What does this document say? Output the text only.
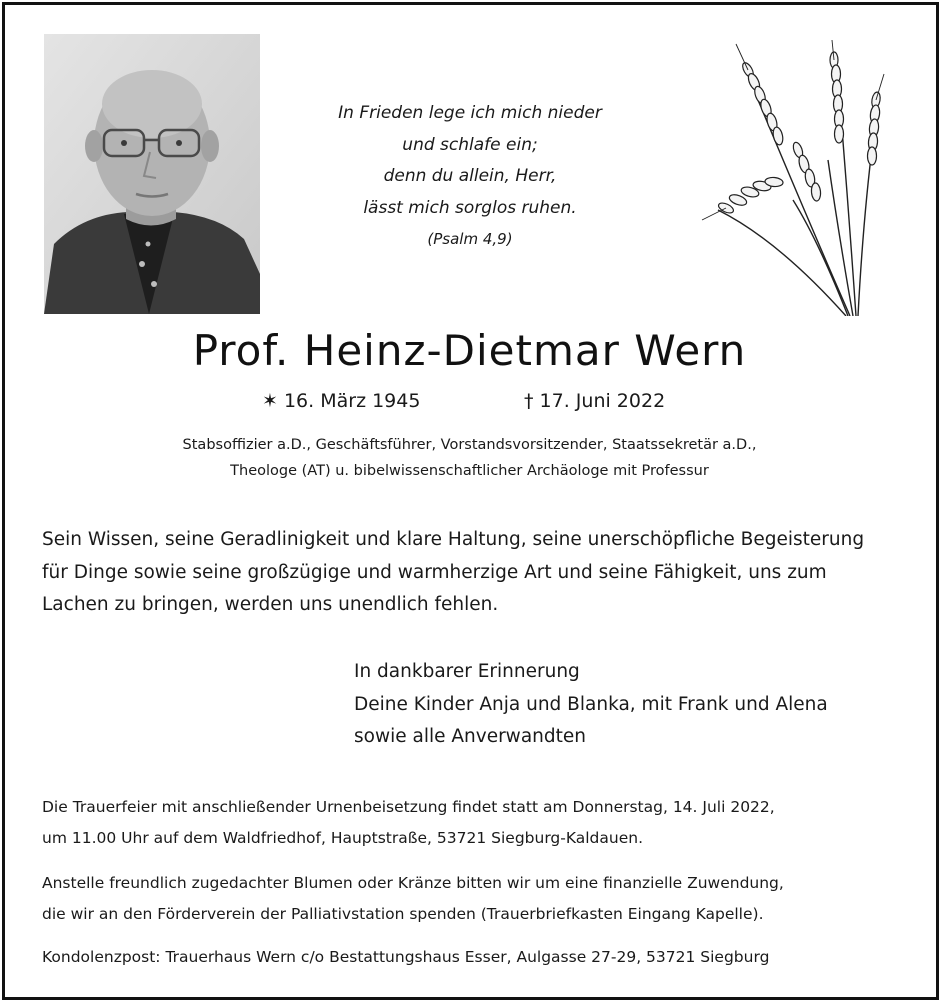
In Frieden lege ich mich nieder
und schlafe ein;
denn du allein, Herr,
lässt mich sorglos ruhen.
(Psalm 4,9)
Prof. Heinz-Dietmar Wern
✶ 16. März 1945	† 17. Juni 2022
Stabsoffizier a.D., Geschäftsführer, Vorstandsvorsitzender, Staatssekretär a.D.,
Theologe (AT) u. bibelwissenschaftlicher Archäologe mit Professur
Sein Wissen, seine Geradlinigkeit und klare Haltung, seine unerschöpfliche Begeisterung
für Dinge sowie seine großzügige und warmherzige Art und seine Fähigkeit, uns zum
Lachen zu bringen, werden uns unendlich fehlen.
In dankbarer Erinnerung
Deine Kinder Anja und Blanka, mit Frank und Alena
sowie alle Anverwandten
Die Trauerfeier mit anschließender Urnenbeisetzung findet statt am Donnerstag, 14. Juli 2022,
um 11.00 Uhr auf dem Waldfriedhof, Hauptstraße, 53721 Siegburg-Kaldauen.
Anstelle freundlich zugedachter Blumen oder Kränze bitten wir um eine finanzielle Zuwendung,
die wir an den Förderverein der Palliativstation spenden (Trauerbriefkasten Eingang Kapelle).
Kondolenzpost: Trauerhaus Wern c/o Bestattungshaus Esser, Aulgasse 27-29, 53721 Siegburg
